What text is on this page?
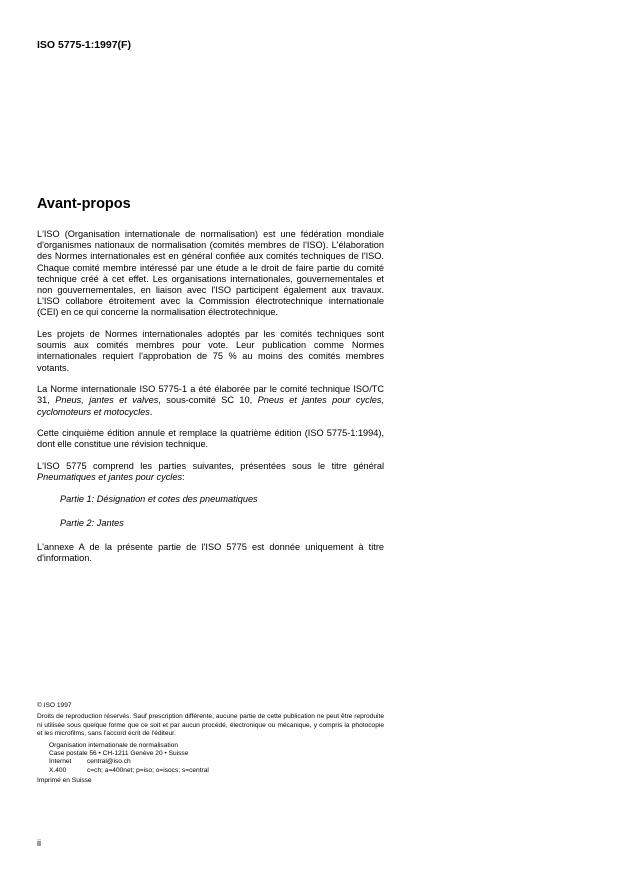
ISO 5775-1:1997(F)
Avant-propos

L'ISO (Organisation internationale de normalisation) est une fédération mondiale d'organismes nationaux de normalisation (comités membres de l'ISO). L'élaboration des Normes internationales est en général confiée aux comités techniques de l'ISO. Chaque comité membre intéressé par une étude a le droit de faire partie du comité technique créé à cet effet. Les organisations internationales, gouvernementales et non gouvernementales, en liaison avec l'ISO participent également aux travaux. L'ISO collabore étroitement avec la Commission électrotechnique internationale (CEI) en ce qui concerne la normalisation électrotechnique.

Les projets de Normes internationales adoptés par les comités techniques sont soumis aux comités membres pour vote. Leur publication comme Normes internationales requiert l'approbation de 75 % au moins des comités membres votants.

La Norme internationale ISO 5775-1 a été élaborée par le comité technique ISO/TC 31, Pneus, jantes et valves, sous-comité SC 10, Pneus et jantes pour cycles, cyclomoteurs et motocycles.

Cette cinquième édition annule et remplace la quatrième édition (ISO 5775-1:1994), dont elle constitue une révision technique.

L'ISO 5775 comprend les parties suivantes, présentées sous le titre général Pneumatiques et jantes pour cycles:

Partie 1: Désignation et cotes des pneumatiques

Partie 2: Jantes

L'annexe A de la présente partie de l'ISO 5775 est donnée uniquement à titre d'information.

© ISO 1997
Droits de reproduction réservés. Sauf prescription différente, aucune partie de cette publication ne peut être reproduite ni utilisée sous quelque forme que ce soit et par aucun procédé, électronique ou mécanique, y compris la photocopie et les microfilms, sans l'accord écrit de l'éditeur.
Organisation internationale de normalisation
Case postale 56 • CH-1211 Genève 20 • Suisse
Internet	central@iso.ch
X.400	c=ch; a=400net; p=iso; o=isocs; s=central
Imprimé en Suisse
ii
